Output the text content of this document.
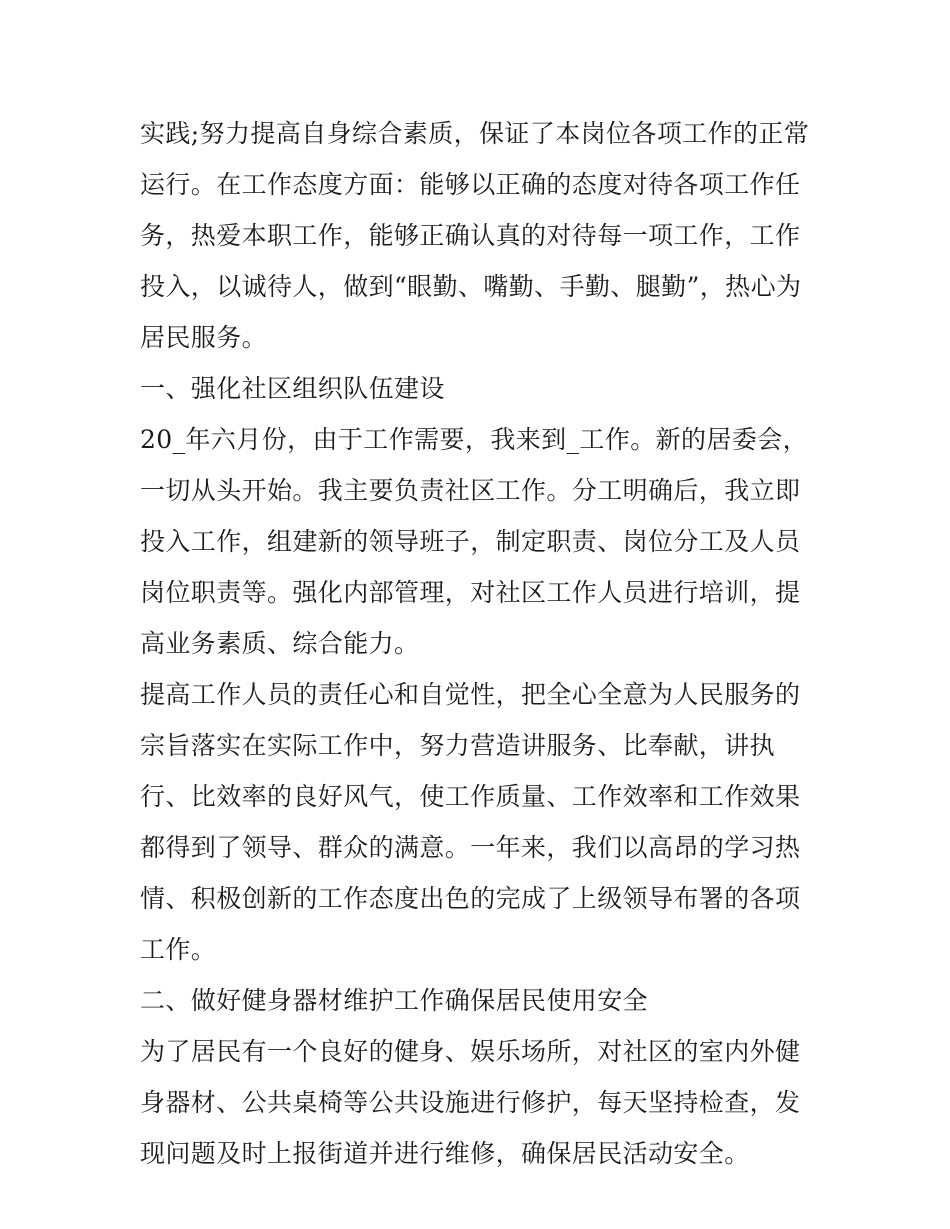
实践;努力提高自身综合素质，保证了本岗位各项工作的正常运行。在工作态度方面：能够以正确的态度对待各项工作任务，热爱本职工作，能够正确认真的对待每一项工作，工作投入，以诚待人，做到“眼勤、嘴勤、手勤、腿勤”，热心为居民服务。

一、强化社区组织队伍建设

20_年六月份，由于工作需要，我来到_工作。新的居委会，一切从头开始。我主要负责社区工作。分工明确后，我立即投入工作，组建新的领导班子，制定职责、岗位分工及人员岗位职责等。强化内部管理，对社区工作人员进行培训，提高业务素质、综合能力。

提高工作人员的责任心和自觉性，把全心全意为人民服务的宗旨落实在实际工作中，努力营造讲服务、比奉献，讲执行、比效率的良好风气，使工作质量、工作效率和工作效果都得到了领导、群众的满意。一年来，我们以高昂的学习热情、积极创新的工作态度出色的完成了上级领导布署的各项工作。

二、做好健身器材维护工作确保居民使用安全

为了居民有一个良好的健身、娱乐场所，对社区的室内外健身器材、公共桌椅等公共设施进行修护，每天坚持检查，发现问题及时上报街道并进行维修，确保居民活动安全。
